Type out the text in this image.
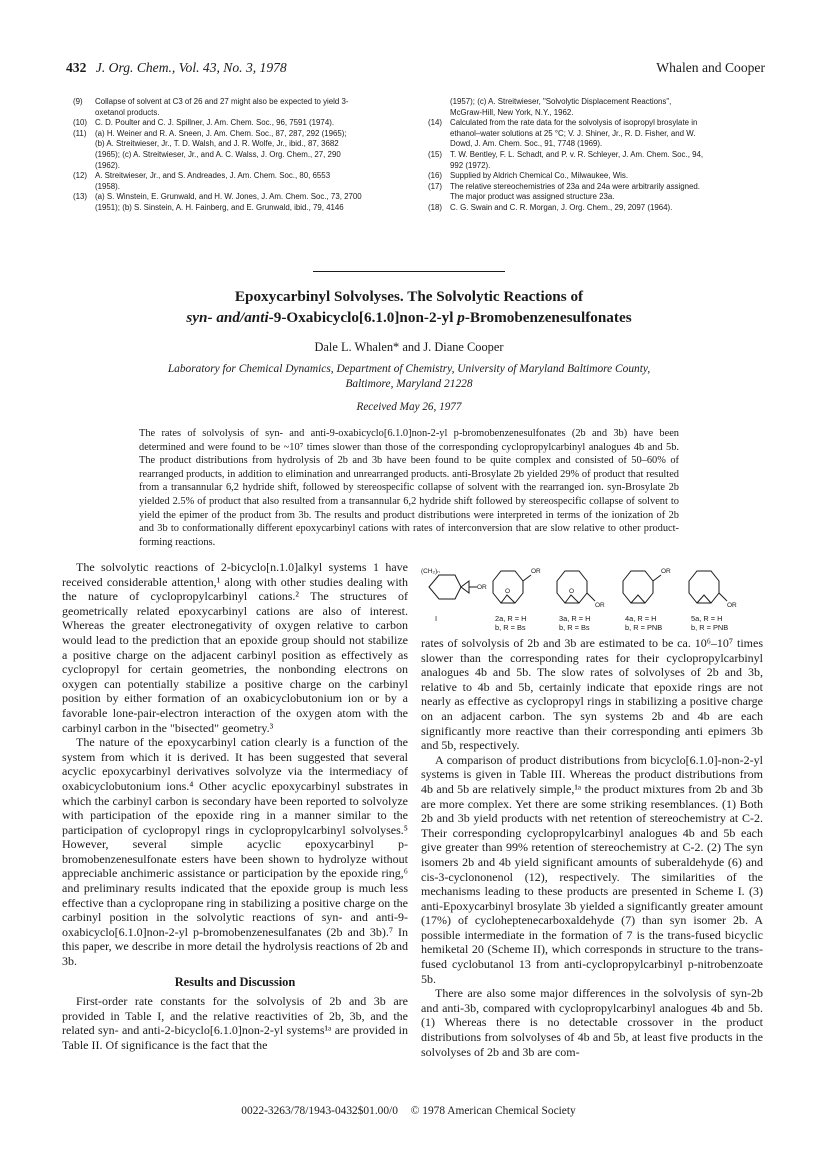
432 J. Org. Chem., Vol. 43, No. 3, 1978	Whalen and Cooper
(9)	Collapse of solvent at C3 of 26 and 27 might also be expected to yield 3-
oxetanol products.
(10)	C. D. Poulter and C. J. Spillner, J. Am. Chem. Soc., 96, 7591 (1974).
(11)	(a) H. Weiner and R. A. Sneen, J. Am. Chem. Soc., 87, 287, 292 (1965);
(b) A. Streitwieser, Jr., T. D. Walsh, and J. R. Wolfe, Jr., ibid., 87, 3682
(1965); (c) A. Streitwieser, Jr., and A. C. Walss, J. Org. Chem., 27, 290
(1962).
(12)	A. Streitwieser, Jr., and S. Andreades, J. Am. Chem. Soc., 80, 6553
(1958).
(13)	(a) S. Winstein, E. Grunwald, and H. W. Jones, J. Am. Chem. Soc., 73, 2700
(1951); (b) S. Sinstein, A. H. Fainberg, and E. Grunwald, ibid., 79, 4146
(1957); (c) A. Streitwieser, "Solvolytic Displacement Reactions",
McGraw-Hill, New York, N.Y., 1962.
(14)	Calculated from the rate data for the solvolysis of isopropyl brosylate in
ethanol–water solutions at 25 °C; V. J. Shiner, Jr., R. D. Fisher, and W.
Dowd, J. Am. Chem. Soc., 91, 7748 (1969).
(15)	T. W. Bentley, F. L. Schadt, and P. v. R. Schleyer, J. Am. Chem. Soc., 94,
992 (1972).
(16)	Supplied by Aldrich Chemical Co., Milwaukee, Wis.
(17)	The relative stereochemistries of 23a and 24a were arbitrarily assigned.
The major product was assigned structure 23a.
(18)	C. G. Swain and C. R. Morgan, J. Org. Chem., 29, 2097 (1964).
Epoxycarbinyl Solvolyses. The Solvolytic Reactions of
syn- and/anti-9-Oxabicyclo[6.1.0]non-2-yl p-Bromobenzenesulfonates
Dale L. Whalen* and J. Diane Cooper
Laboratory for Chemical Dynamics, Department of Chemistry, University of Maryland Baltimore County,
Baltimore, Maryland 21228
Received May 26, 1977
The rates of solvolysis of syn- and anti-9-oxabicyclo[6.1.0]non-2-yl p-bromobenzenesulfonates (2b and 3b) have been determined and were found to be ~10⁷ times slower than those of the corresponding cyclopropylcarbinyl analogues 4b and 5b. The product distributions from hydrolysis of 2b and 3b have been found to be quite complex and consisted of 50–60% of rearranged products, in addition to elimination and unrearranged products. anti-Brosylate 2b yielded 29% of product that resulted from a transannular 6,2 hydride shift, followed by stereospecific collapse of solvent with the rearranged ion. syn-Brosylate 2b yielded 2.5% of product that also resulted from a transannular 6,2 hydride shift followed by stereospecific collapse of solvent to yield the epimer of the product from 3b. The results and product distributions were interpreted in terms of the ionization of 2b and 3b to conformationally different epoxycarbinyl cations with rates of interconversion that are slow relative to other product-forming reactions.

The solvolytic reactions of 2-bicyclo[n.1.0]alkyl systems 1 have received considerable attention,¹ along with other studies dealing with the nature of cyclopropylcarbinyl cations.² The structures of geometrically related epoxycarbinyl cations are also of interest. Whereas the greater electronegativity of oxygen relative to carbon would lead to the prediction that an epoxide group should not stabilize a positive charge on the adjacent carbinyl position as effectively as cyclopropyl for certain geometries, the nonbonding electrons on oxygen can potentially stabilize a positive charge on the carbinyl position by either formation of an oxabicyclobutonium ion or by a favorable lone-pair-electron interaction of the oxygen atom with the carbinyl carbon in the "bisected" geometry.³

The nature of the epoxycarbinyl cation clearly is a function of the system from which it is derived. It has been suggested that several acyclic epoxycarbinyl derivatives solvolyze via the intermediacy of oxabicyclobutonium ions.⁴ Other acyclic epoxycarbinyl substrates in which the carbinyl carbon is secondary have been reported to solvolyze with participation of the epoxide ring in a manner similar to the participation of cyclopropyl rings in cyclopropylcarbinyl solvolyses.⁵ However, several simple acyclic epoxycarbinyl p-bromobenzenesulfonate esters have been shown to hydrolyze without appreciable anchimeric assistance or participation by the epoxide ring,⁶ and preliminary results indicated that the epoxide group is much less effective than a cyclopropane ring in stabilizing a positive charge on the carbinyl position in the solvolytic reactions of syn- and anti-9-oxabicyclo[6.1.0]non-2-yl p-bromobenzenesulfanates (2b and 3b).⁷ In this paper, we describe in more detail the hydrolysis reactions of 2b and 3b.

Results and Discussion

First-order rate constants for the solvolysis of 2b and 3b are provided in Table I, and the relative reactivities of 2b, 3b, and the related syn- and anti-2-bicyclo[6.1.0]non-2-yl systems¹ᵃ are provided in Table II. Of significance is the fact that the

(CH₂)ₙ
OR
OR
O
OR
O
OR
OR
I	2a, R = H
b, R = Bs
3a, R = H
b, R = Bs
4a, R = H
b, R = PNB
5a, R = H
b, R = PNB

rates of solvolysis of 2b and 3b are estimated to be ca. 10⁶–10⁷ times slower than the corresponding rates for their cyclopropylcarbinyl analogues 4b and 5b. The slow rates of solvolyses of 2b and 3b, relative to 4b and 5b, certainly indicate that epoxide rings are not nearly as effective as cyclopropyl rings in stabilizing a positive charge on an adjacent carbon. The syn systems 2b and 4b are each significantly more reactive than their corresponding anti epimers 3b and 5b, respectively.

A comparison of product distributions from bicyclo[6.1.0]-non-2-yl systems is given in Table III. Whereas the product distributions from 4b and 5b are relatively simple,¹ᵃ the product mixtures from 2b and 3b are more complex. Yet there are some striking resemblances. (1) Both 2b and 3b yield products with net retention of stereochemistry at C-2. Their corresponding cyclopropylcarbinyl analogues 4b and 5b each give greater than 99% retention of stereochemistry at C-2. (2) The syn isomers 2b and 4b yield significant amounts of suberaldehyde (6) and cis-3-cyclononenol (12), respectively. The similarities of the mechanisms leading to these products are presented in Scheme I. (3) anti-Epoxycarbinyl brosylate 3b yielded a significantly greater amount (17%) of cycloheptenecarboxaldehyde (7) than syn isomer 2b. A possible intermediate in the formation of 7 is the trans-fused bicyclic hemiketal 20 (Scheme II), which corresponds in structure to the trans-fused cyclobutanol 13 from anti-cyclopropylcarbinyl p-nitrobenzoate 5b.

There are also some major differences in the solvolysis of syn-2b and anti-3b, compared with cyclopropylcarbinyl analogues 4b and 5b. (1) Whereas there is no detectable crossover in the product distributions from solvolyses of 4b and 5b, at least five products in the solvolyses of 2b and 3b are com-

0022-3263/78/1943-0432$01.00/0 © 1978 American Chemical Society
